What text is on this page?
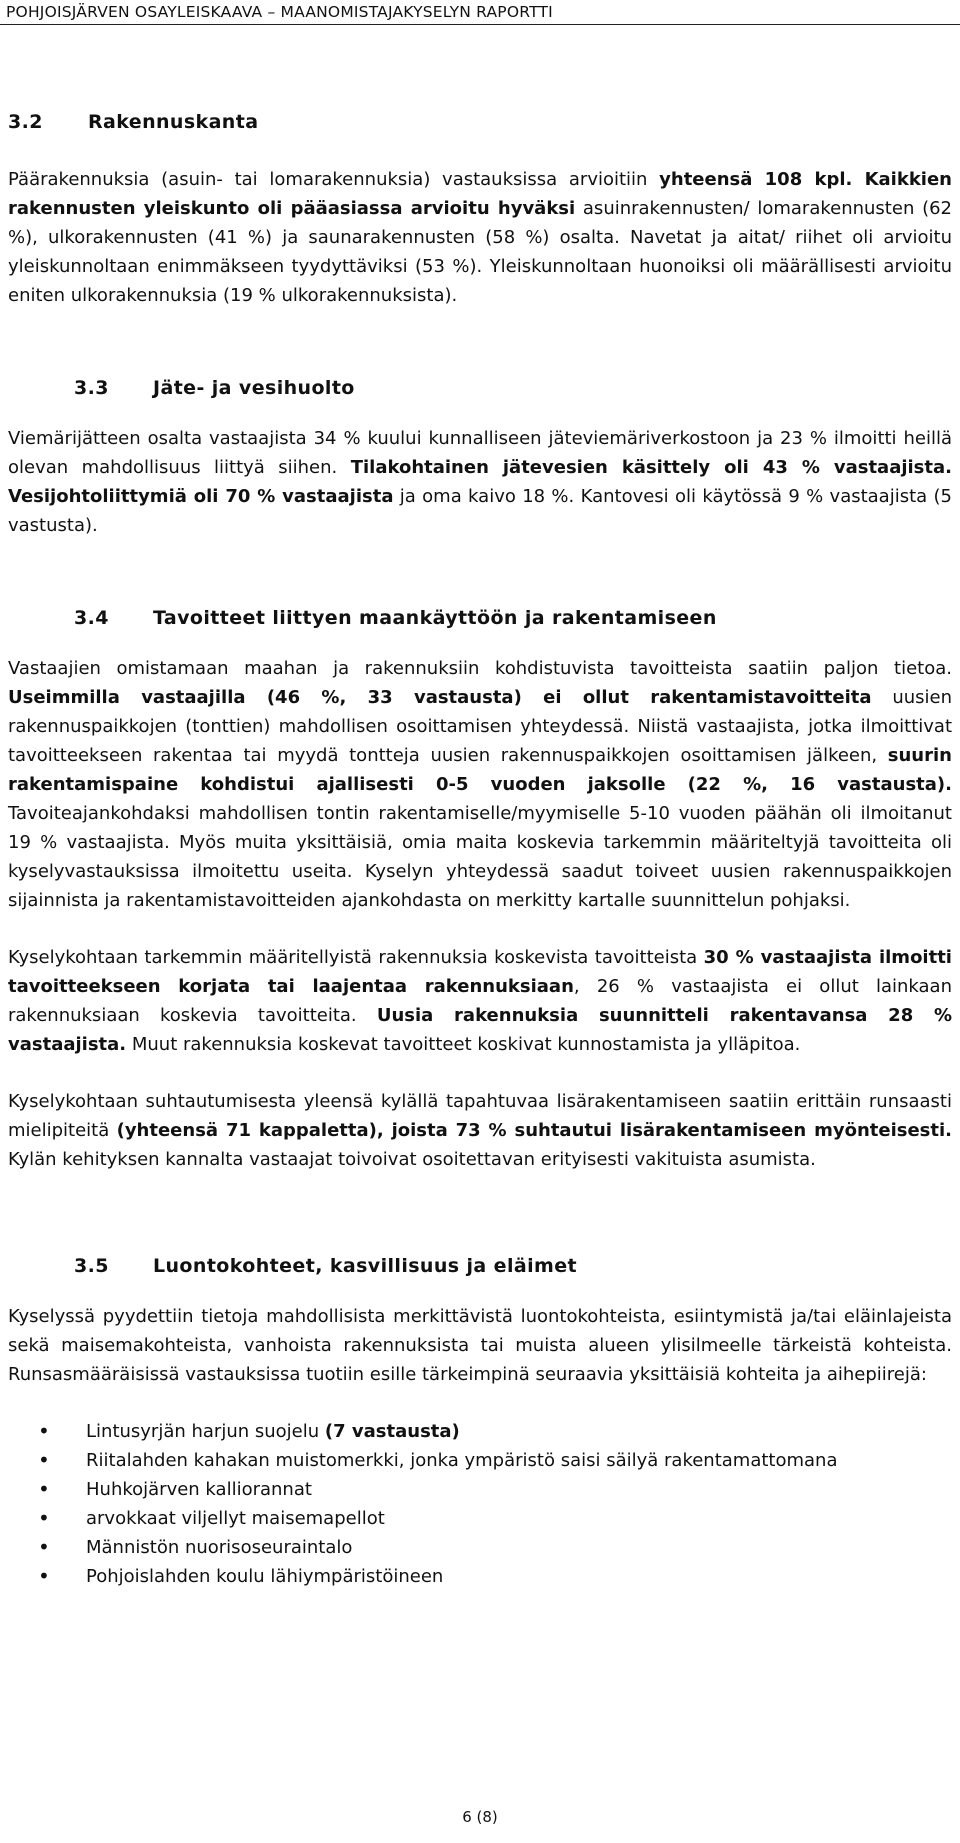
POHJOISJÄRVEN OSAYLEISKAAVA – MAANOMISTAJAKYSELYN RAPORTTI
3.2 Rakennuskanta

Päärakennuksia (asuin- tai lomarakennuksia) vastauksissa arvioitiin yhteensä 108 kpl. Kaikkien rakennusten yleiskunto oli pääasiassa arvioitu hyväksi asuinrakennusten/ lomarakennusten (62 %), ulkorakennusten (41 %) ja saunarakennusten (58 %) osalta. Navetat ja aitat/ riihet oli arvioitu yleiskunnoltaan enimmäkseen tyydyttäviksi (53 %). Yleiskunnoltaan huonoiksi oli määrällisesti arvioitu eniten ulkorakennuksia (19 % ulkorakennuksista).

3.3 Jäte- ja vesihuolto

Viemärijätteen osalta vastaajista 34 % kuului kunnalliseen jäteviemäriverkostoon ja 23 % ilmoitti heillä olevan mahdollisuus liittyä siihen. Tilakohtainen jätevesien käsittely oli 43 % vastaajista. Vesijohtoliittymiä oli 70 % vastaajista ja oma kaivo 18 %. Kantovesi oli käytössä 9 % vastaajista (5 vastusta).

3.4 Tavoitteet liittyen maankäyttöön ja rakentamiseen

Vastaajien omistamaan maahan ja rakennuksiin kohdistuvista tavoitteista saatiin paljon tietoa. Useimmilla vastaajilla (46 %, 33 vastausta) ei ollut rakentamistavoitteita uusien rakennuspaikkojen (tonttien) mahdollisen osoittamisen yhteydessä. Niistä vastaajista, jotka ilmoittivat tavoitteekseen rakentaa tai myydä tontteja uusien rakennuspaikkojen osoittamisen jälkeen, suurin rakentamispaine kohdistui ajallisesti 0-5 vuoden jaksolle (22 %, 16 vastausta). Tavoiteajankohdaksi mahdollisen tontin rakentamiselle/myymiselle 5-10 vuoden päähän oli ilmoitanut 19 % vastaajista. Myös muita yksittäisiä, omia maita koskevia tarkemmin määriteltyjä tavoitteita oli kyselyvastauksissa ilmoitettu useita. Kyselyn yhteydessä saadut toiveet uusien rakennuspaikkojen sijainnista ja rakentamistavoitteiden ajankohdasta on merkitty kartalle suunnittelun pohjaksi.

Kyselykohtaan tarkemmin määritellyistä rakennuksia koskevista tavoitteista 30 % vastaajista ilmoitti tavoitteekseen korjata tai laajentaa rakennuksiaan, 26 % vastaajista ei ollut lainkaan rakennuksiaan koskevia tavoitteita. Uusia rakennuksia suunnitteli rakentavansa 28 % vastaajista. Muut rakennuksia koskevat tavoitteet koskivat kunnostamista ja ylläpitoa.

Kyselykohtaan suhtautumisesta yleensä kylällä tapahtuvaa lisärakentamiseen saatiin erittäin runsaasti mielipiteitä (yhteensä 71 kappaletta), joista 73 % suhtautui lisärakentamiseen myönteisesti. Kylän kehityksen kannalta vastaajat toivoivat osoitettavan erityisesti vakituista asumista.

3.5 Luontokohteet, kasvillisuus ja eläimet

Kyselyssä pyydettiin tietoja mahdollisista merkittävistä luontokohteista, esiintymistä ja/tai eläinlajeista sekä maisemakohteista, vanhoista rakennuksista tai muista alueen ylisilmeelle tärkeistä kohteista. Runsasmääräisissä vastauksissa tuotiin esille tärkeimpinä seuraavia yksittäisiä kohteita ja aihepiirejä:

• Lintusyrjän harjun suojelu (7 vastausta)
• Riitalahden kahakan muistomerkki, jonka ympäristö saisi säilyä rakentamattomana
• Huhkojärven kalliorannat
• arvokkaat viljellyt maisemapellot
• Männistön nuorisoseuraintalo
• Pohjoislahden koulu lähiympäristöineen
6 (8)
